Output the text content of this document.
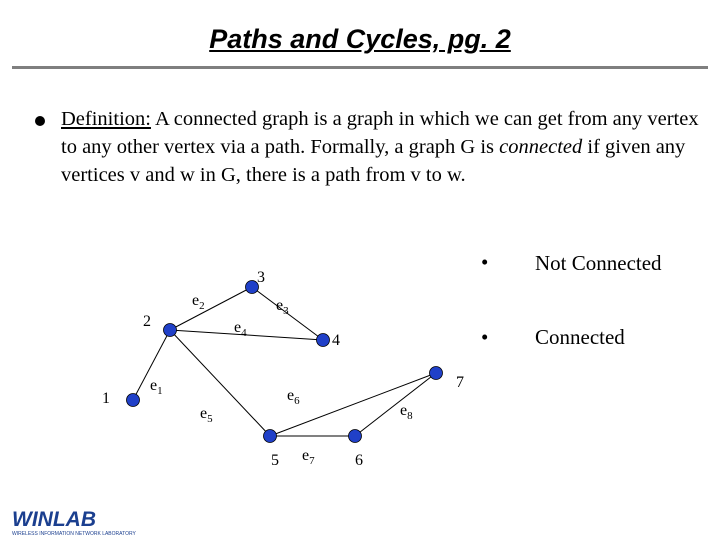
Paths and Cycles, pg. 2
Definition: A connected graph is a graph in which we can get from any vertex to any other vertex via a path. Formally, a graph G is connected if given any vertices v and w in G, there is a path from v to w.
1
2
3
4
5	6
7
$e_1$
$e_2$	$e_3$
$e_4$
$e_5$
$e_6$
$e_7$
$e_8$
• Not Connected
• Connected
WINLAB
WIRELESS INFORMATION NETWORK LABORATORY
